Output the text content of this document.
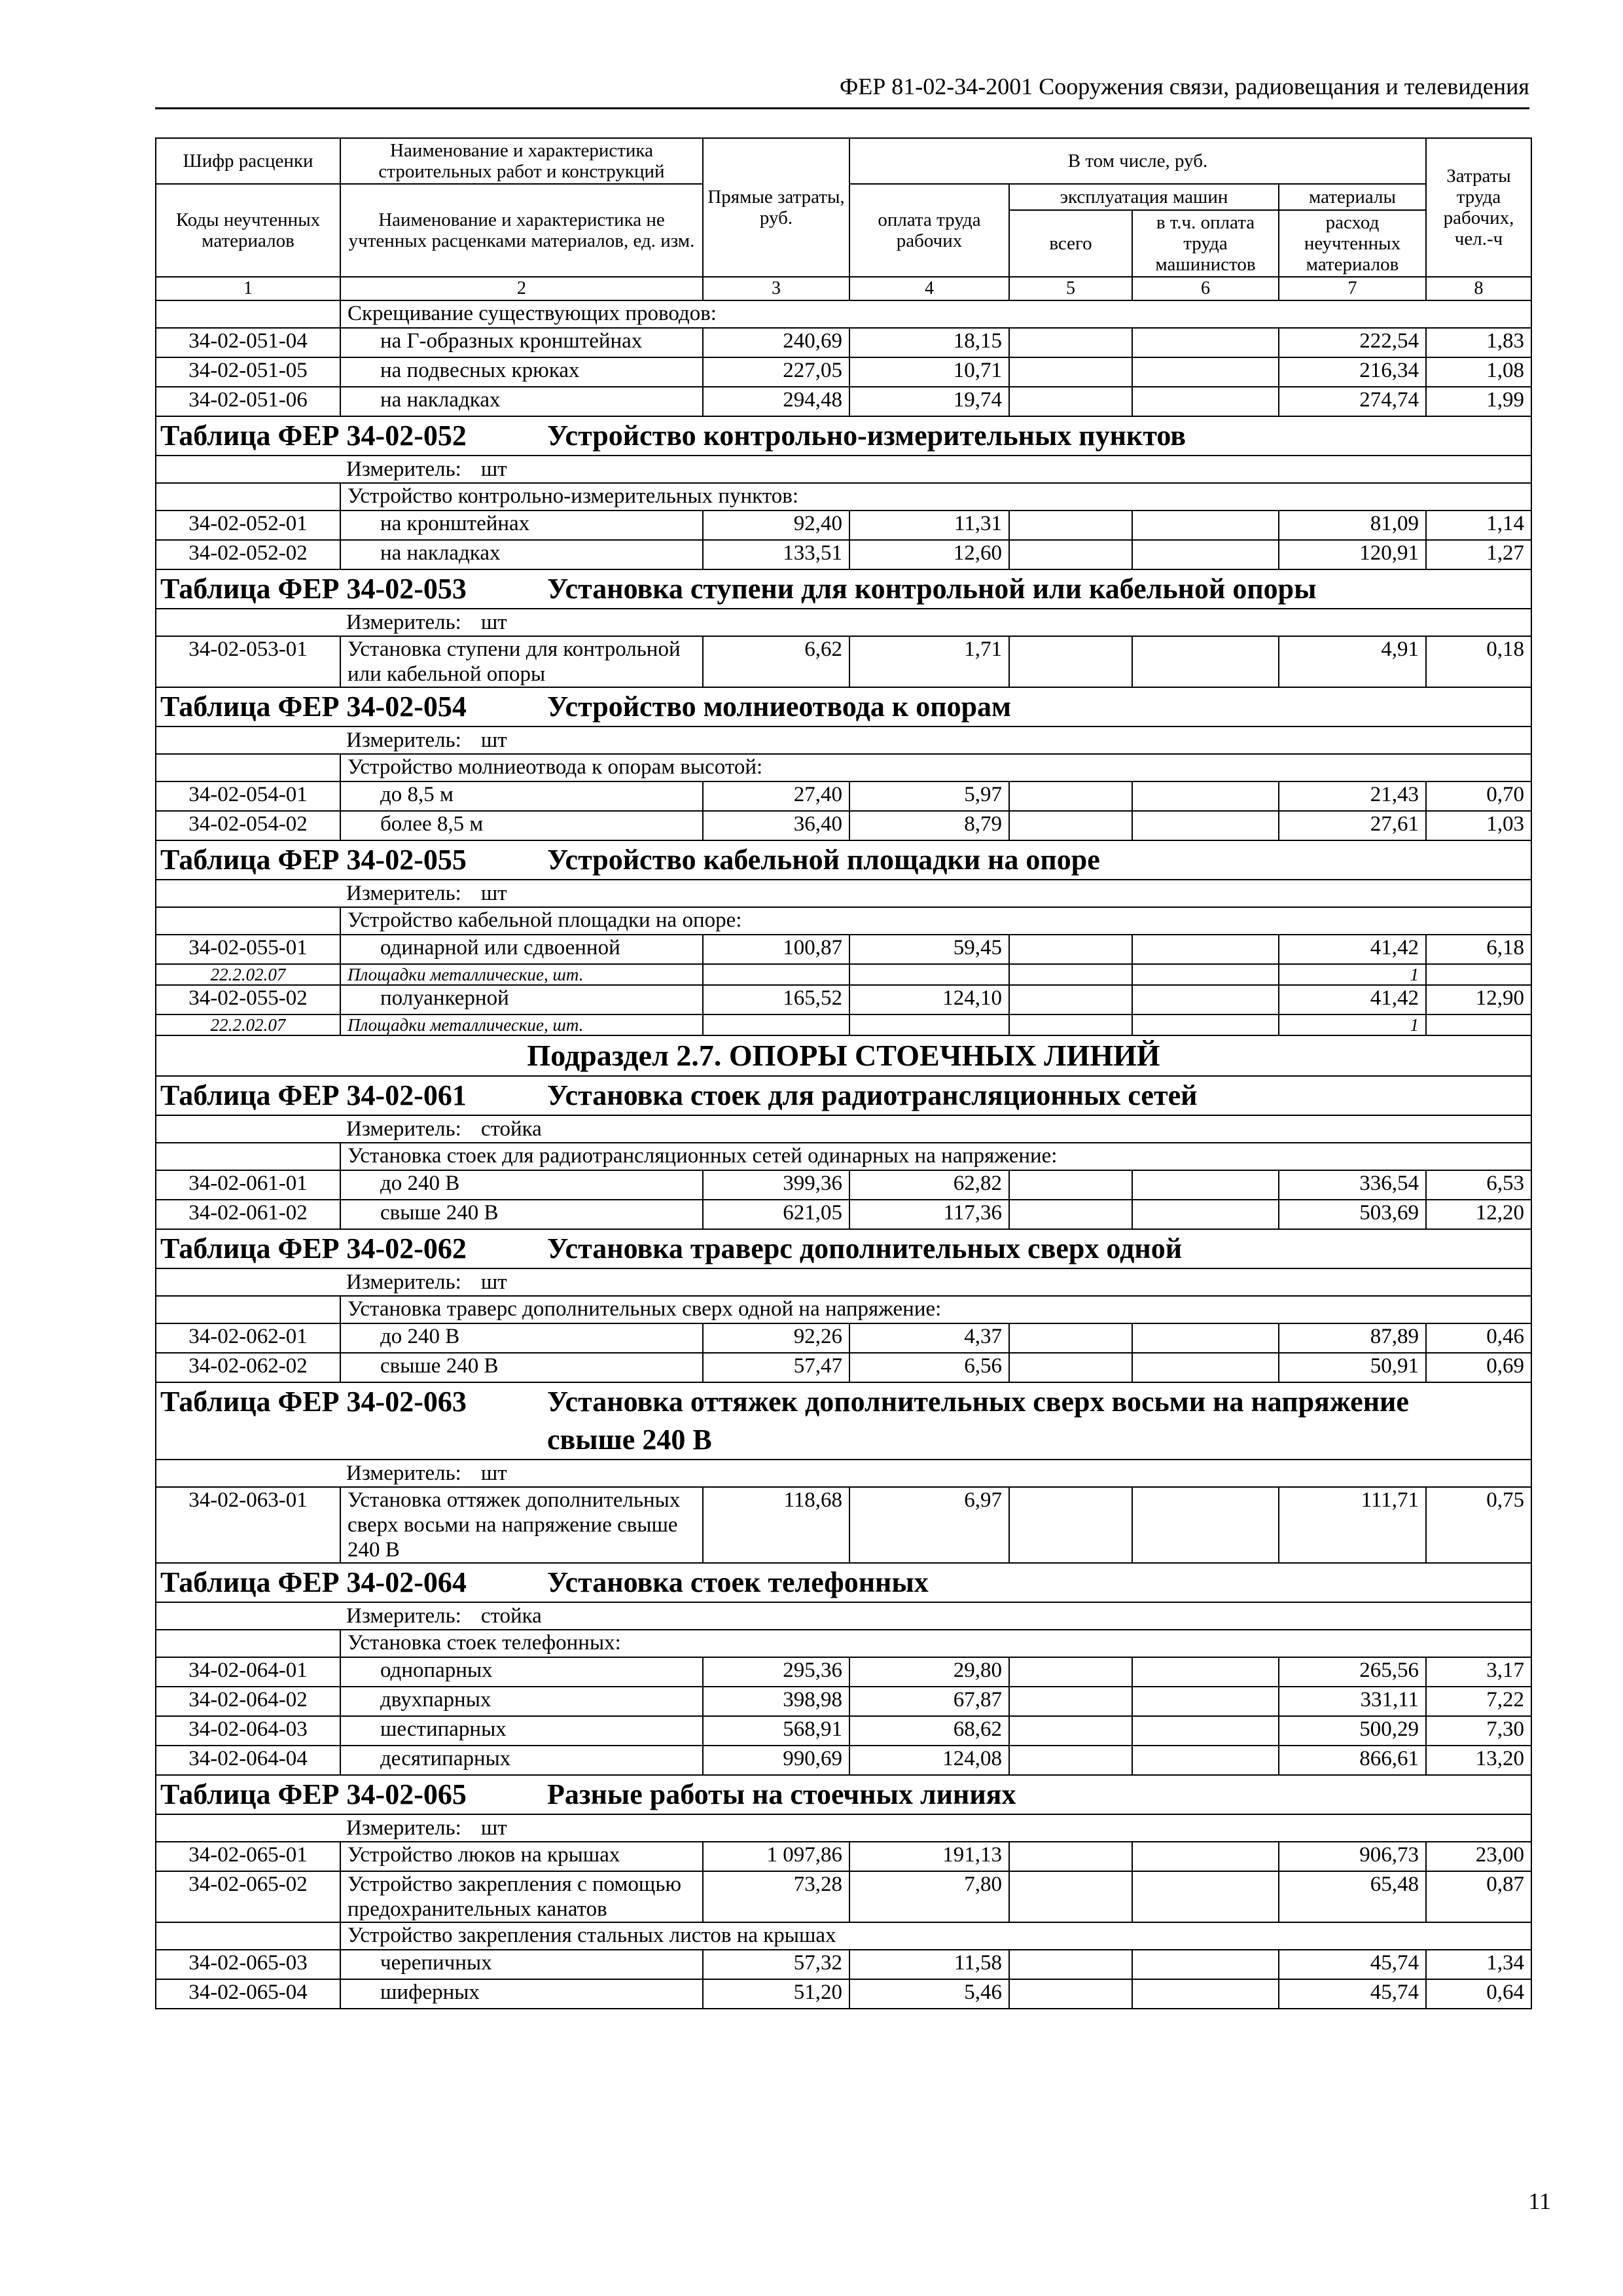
ФЕР 81-02-34-2001 Сооружения связи, радиовещания и телевидения
Шифр расценки	Наименование и характеристика строительных работ и конструкций	Прямые затраты, руб.	В том числе, руб.				Затраты труда рабочих, чел.-ч
Коды неучтенных материалов	Наименование и характеристика не учтенных расценками материалов, ед. изм.		оплата труда рабочих	эксплуатация машин		материалы	
				всего	в т.ч. оплата труда машинистов	расход неучтенных материалов	
1	2	3	4	5	6	7	8
	Скрещивание существующих проводов:						
34-02-051-04	на Г-образных кронштейнах	240,69	18,15			222,54	1,83
34-02-051-05	на подвесных крюках	227,05	10,71			216,34	1,08
34-02-051-06	на накладках	294,48	19,74			274,74	1,99
Таблица ФЕР 34-02-052 Устройство контрольно-измерительных пунктов							
Измеритель: шт							
	Устройство контрольно-измерительных пунктов:						
34-02-052-01	на кронштейнах	92,40	11,31			81,09	1,14
34-02-052-02	на накладках	133,51	12,60			120,91	1,27
Таблица ФЕР 34-02-053 Установка ступени для контрольной или кабельной опоры							
Измеритель: шт							
34-02-053-01	Установка ступени для контрольной или кабельной опоры	6,62	1,71			4,91	0,18
Таблица ФЕР 34-02-054 Устройство молниеотвода к опорам							
Измеритель: шт							
	Устройство молниеотвода к опорам высотой:						
34-02-054-01	до 8,5 м	27,40	5,97			21,43	0,70
34-02-054-02	более 8,5 м	36,40	8,79			27,61	1,03
Таблица ФЕР 34-02-055 Устройство кабельной площадки на опоре							
Измеритель: шт							
	Устройство кабельной площадки на опоре:						
34-02-055-01	одинарной или сдвоенной	100,87	59,45			41,42	6,18
22.2.02.07	Площадки металлические, шт.					1	
34-02-055-02	полуанкерной	165,52	124,10			41,42	12,90
22.2.02.07	Площадки металлические, шт.					1	
Подраздел 2.7. ОПОРЫ СТОЕЧНЫХ ЛИНИЙ							
Таблица ФЕР 34-02-061 Установка стоек для радиотрансляционных сетей							
Измеритель: стойка							
	Установка стоек для радиотрансляционных сетей одинарных на напряжение:						
34-02-061-01	до 240 В	399,36	62,82			336,54	6,53
34-02-061-02	свыше 240 В	621,05	117,36			503,69	12,20
Таблица ФЕР 34-02-062 Установка траверс дополнительных сверх одной							
Измеритель: шт							
	Установка траверс дополнительных сверх одной на напряжение:						
34-02-062-01	до 240 В	92,26	4,37			87,89	0,46
34-02-062-02	свыше 240 В	57,47	6,56			50,91	0,69
Таблица ФЕР 34-02-063 Установка оттяжек дополнительных сверх восьми на напряжение свыше 240 В							
Измеритель: шт							
34-02-063-01	Установка оттяжек дополнительных сверх восьми на напряжение свыше 240 В	118,68	6,97			111,71	0,75
Таблица ФЕР 34-02-064 Установка стоек телефонных							
Измеритель: стойка							
	Установка стоек телефонных:						
34-02-064-01	однопарных	295,36	29,80			265,56	3,17
34-02-064-02	двухпарных	398,98	67,87			331,11	7,22
34-02-064-03	шестипарных	568,91	68,62			500,29	7,30
34-02-064-04	десятипарных	990,69	124,08			866,61	13,20
Таблица ФЕР 34-02-065 Разные работы на стоечных линиях							
Измеритель: шт							
34-02-065-01	Устройство люков на крышах	1 097,86	191,13			906,73	23,00
34-02-065-02	Устройство закрепления с помощью предохранительных канатов	73,28	7,80			65,48	0,87
	Устройство закрепления стальных листов на крышах						
34-02-065-03	черепичных	57,32	11,58			45,74	1,34
34-02-065-04	шиферных	51,20	5,46			45,74	0,64
11
